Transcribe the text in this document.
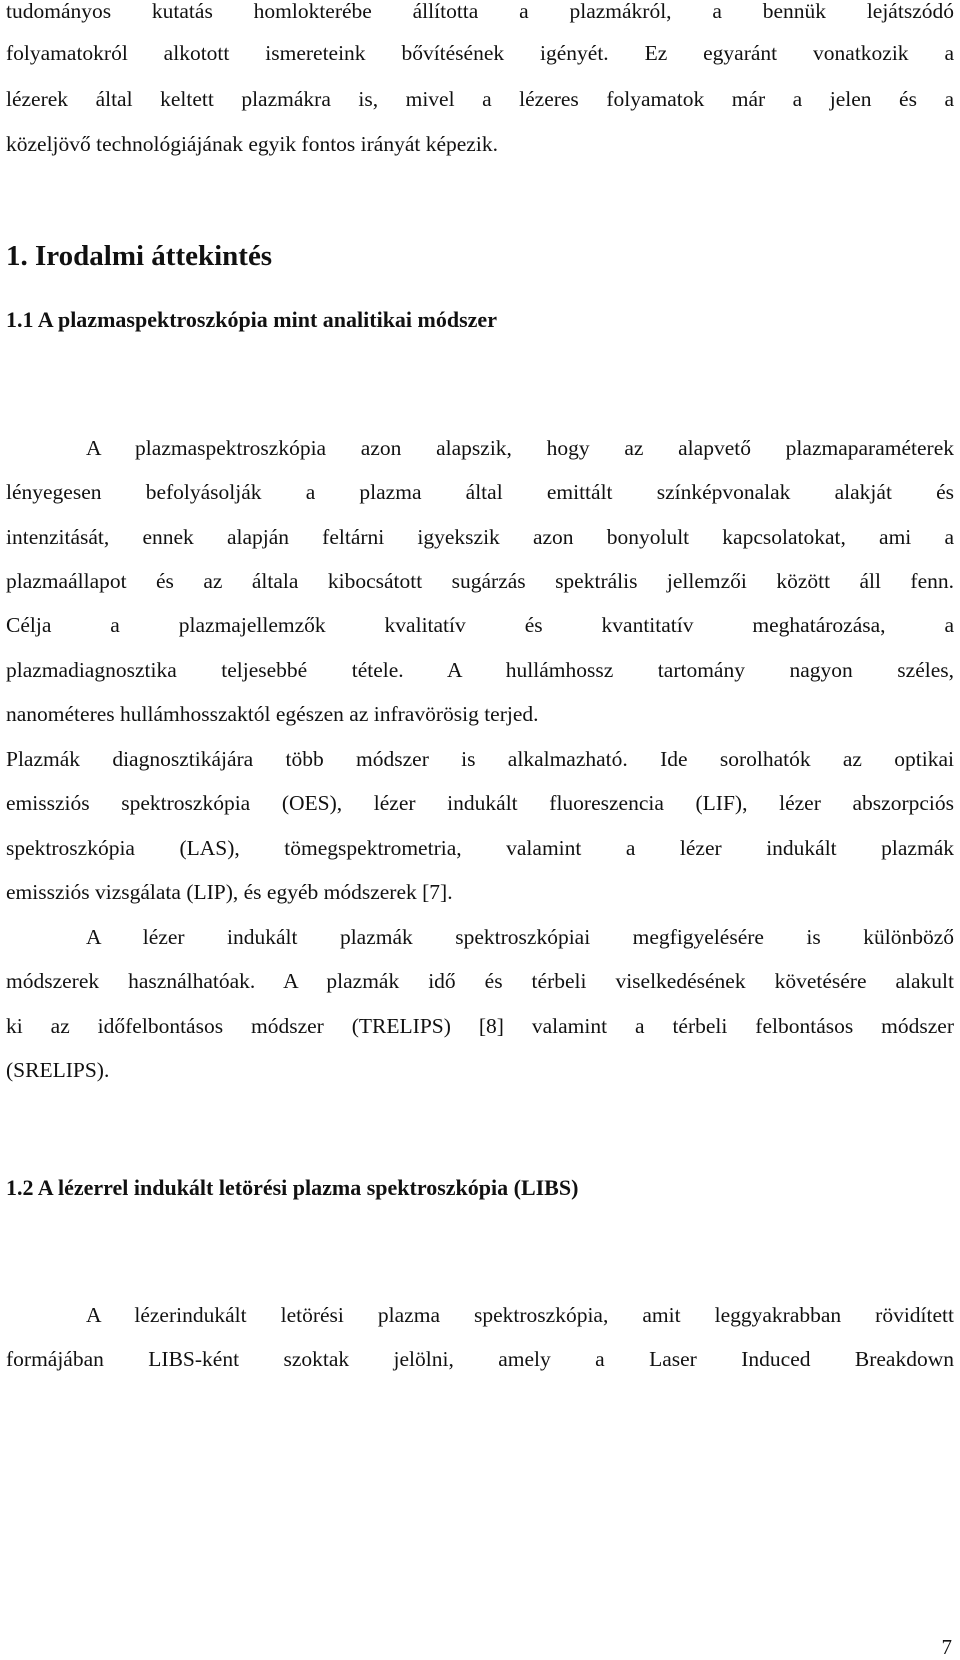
tudományos kutatás homlokterébe állította a plazmákról, a bennük lejátszódó
folyamatokról alkotott ismereteink bővítésének igényét. Ez egyaránt vonatkozik a
lézerek által keltett plazmákra is, mivel a lézeres folyamatok már a jelen és a
közeljövő technológiájának egyik fontos irányát képezik.
1. Irodalmi áttekintés
1.1 A plazmaspektroszkópia mint analitikai módszer
A plazmaspektroszkópia azon alapszik, hogy az alapvető plazmaparaméterek
lényegesen befolyásolják a plazma által emittált színképvonalak alakját és
intenzitását, ennek alapján feltárni igyekszik azon bonyolult kapcsolatokat, ami a
plazmaállapot és az általa kibocsátott sugárzás spektrális jellemzői között áll fenn.
Célja a plazmajellemzők kvalitatív és kvantitatív meghatározása, a
plazmadiagnosztika teljesebbé tétele. A hullámhossz tartomány nagyon széles,
nanométeres hullámhosszaktól egészen az infravörösig terjed.
Plazmák diagnosztikájára több módszer is alkalmazható. Ide sorolhatók az optikai
emissziós spektroszkópia (OES), lézer indukált fluoreszencia (LIF), lézer abszorpciós
spektroszkópia (LAS), tömegspektrometria, valamint a lézer indukált plazmák
emissziós vizsgálata (LIP), és egyéb módszerek [7].
A lézer indukált plazmák spektroszkópiai megfigyelésére is különböző
módszerek használhatóak. A plazmák idő és térbeli viselkedésének követésére alakult
ki az időfelbontásos módszer (TRELIPS) [8] valamint a térbeli felbontásos módszer
(SRELIPS).
1.2 A lézerrel indukált letörési plazma spektroszkópia (LIBS)
A lézerindukált letörési plazma spektroszkópia, amit leggyakrabban rövidített
formájában LIBS-ként szoktak jelölni, amely a Laser Induced Breakdown
7
